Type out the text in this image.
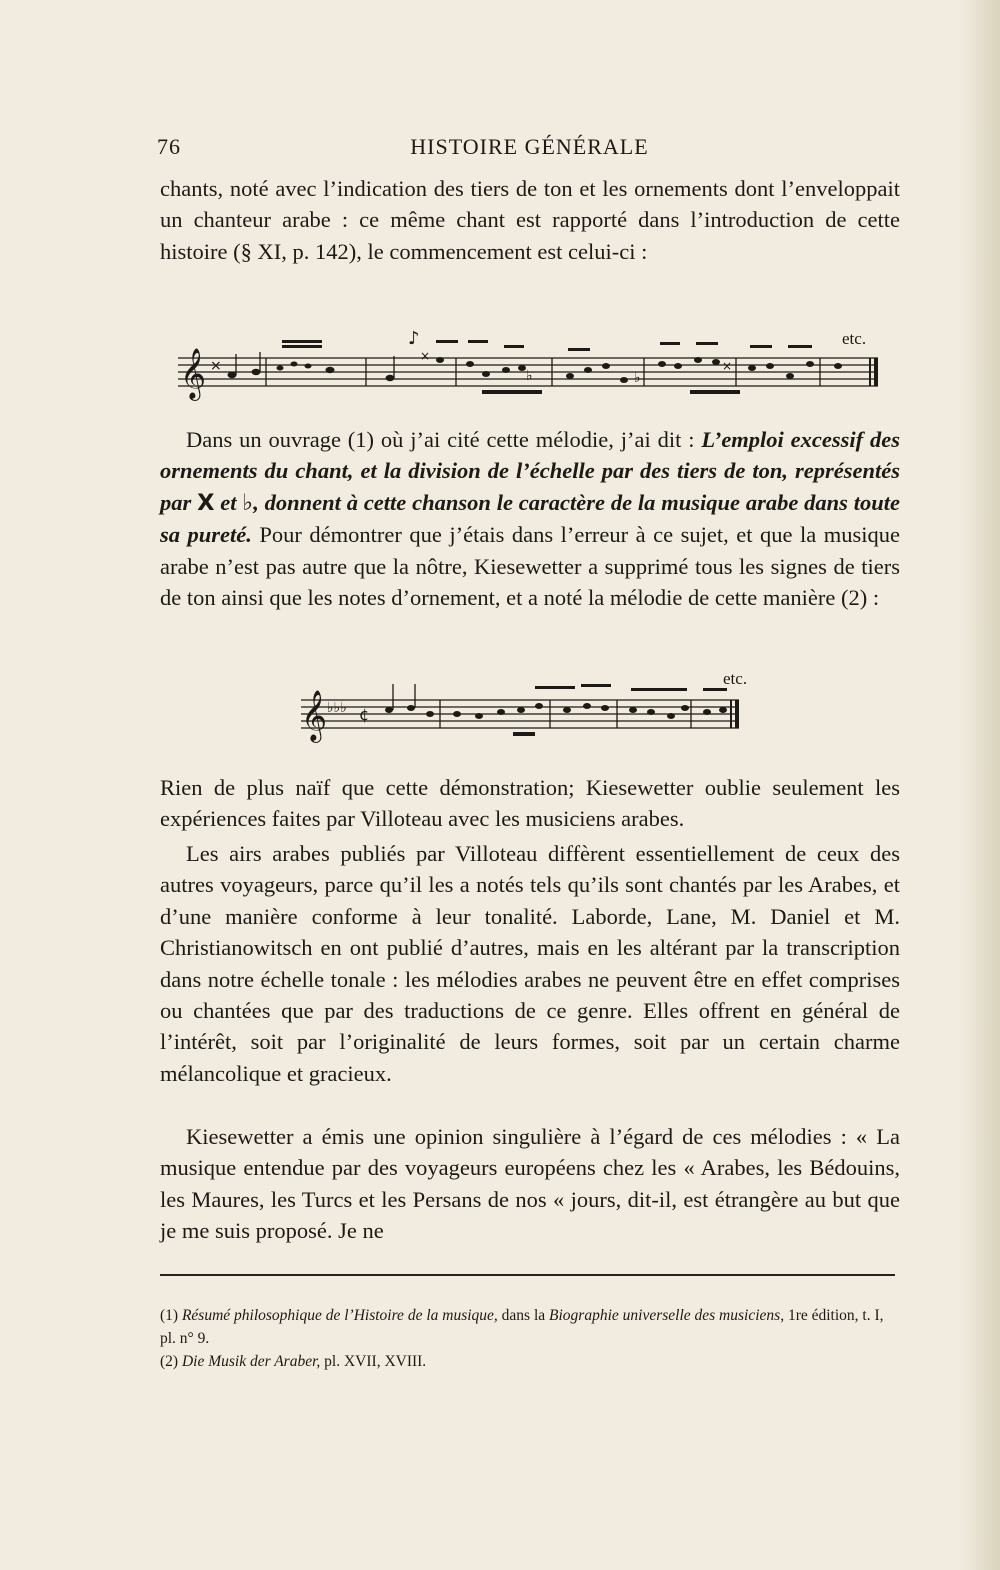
76	HISTOIRE GÉNÉRALE

chants, noté avec l’indication des tiers de ton et les ornements dont l’enveloppait un chanteur arabe : ce même chant est rapporté dans l’introduction de cette histoire (§ XI, p. 142), le commencement est celui-ci :

𝄞 ×
♪
×
♭	♭
×
etc.

Dans un ouvrage (1) où j’ai cité cette mélodie, j’ai dit : L’emploi excessif des ornements du chant, et la division de l’échelle par des tiers de ton, représentés par X et ♭, donnent à cette chanson le caractère de la musique arabe dans toute sa pureté. Pour démontrer que j’étais dans l’erreur à ce sujet, et que la musique arabe n’est pas autre que la nôtre, Kiesewetter a supprimé tous les signes de tiers de ton ainsi que les notes d’ornement, et a noté la mélodie de cette manière (2) :

𝄞 ♭♭♭ ¢
etc.

Rien de plus naïf que cette démonstration; Kiesewetter oublie seulement les expériences faites par Villoteau avec les musiciens arabes.

Les airs arabes publiés par Villoteau diffèrent essentiellement de ceux des autres voyageurs, parce qu’il les a notés tels qu’ils sont chantés par les Arabes, et d’une manière conforme à leur tonalité. Laborde, Lane, M. Daniel et M. Christianowitsch en ont publié d’autres, mais en les altérant par la transcription dans notre échelle tonale : les mélodies arabes ne peuvent être en effet comprises ou chantées que par des traductions de ce genre. Elles offrent en général de l’intérêt, soit par l’originalité de leurs formes, soit par un certain charme mélancolique et gracieux.

Kiesewetter a émis une opinion singulière à l’égard de ces mélodies : « La musique entendue par des voyageurs européens chez les « Arabes, les Bédouins, les Maures, les Turcs et les Persans de nos « jours, dit-il, est étrangère au but que je me suis proposé. Je ne

(1) Résumé philosophique de l’Histoire de la musique, dans la Biographie universelle des musiciens, 1re édition, t. I, pl. n° 9.

(2) Die Musik der Araber, pl. XVII, XVIII.
